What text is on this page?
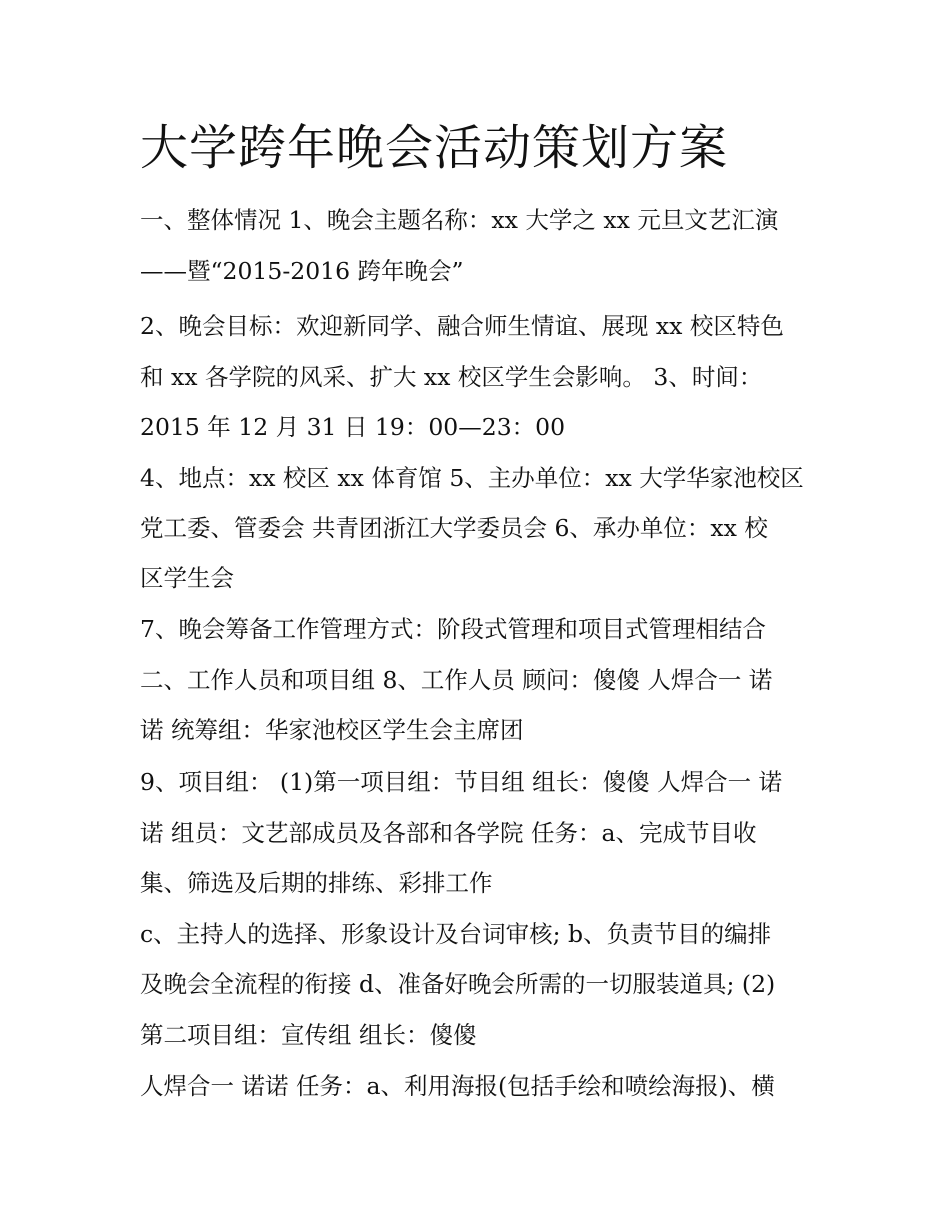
大学跨年晚会活动策划方案

一、整体情况 1、晚会主题名称：xx 大学之 xx 元旦文艺汇演

——暨“2015-2016 跨年晚会”

2、晚会目标：欢迎新同学、融合师生情谊、展现 xx 校区特色

和 xx 各学院的风采、扩大 xx 校区学生会影响。 3、时间：

2015 年 12 月 31 日 19：00—23：00

4、地点：xx 校区 xx 体育馆 5、主办单位：xx 大学华家池校区

党工委、管委会 共青团浙江大学委员会 6、承办单位：xx 校

区学生会

7、晚会筹备工作管理方式：阶段式管理和项目式管理相结合

二、工作人员和项目组 8、工作人员 顾问：傻傻 人焊合一 诺

诺 统筹组：华家池校区学生会主席团

9、项目组： (1)第一项目组：节目组 组长：傻傻 人焊合一 诺

诺 组员：文艺部成员及各部和各学院 任务：a、完成节目收

集、筛选及后期的排练、彩排工作

c、主持人的选择、形象设计及台词审核; b、负责节目的编排

及晚会全流程的衔接 d、准备好晚会所需的一切服装道具; (2)

第二项目组：宣传组 组长：傻傻

人焊合一 诺诺 任务：a、利用海报(包括手绘和喷绘海报)、横
